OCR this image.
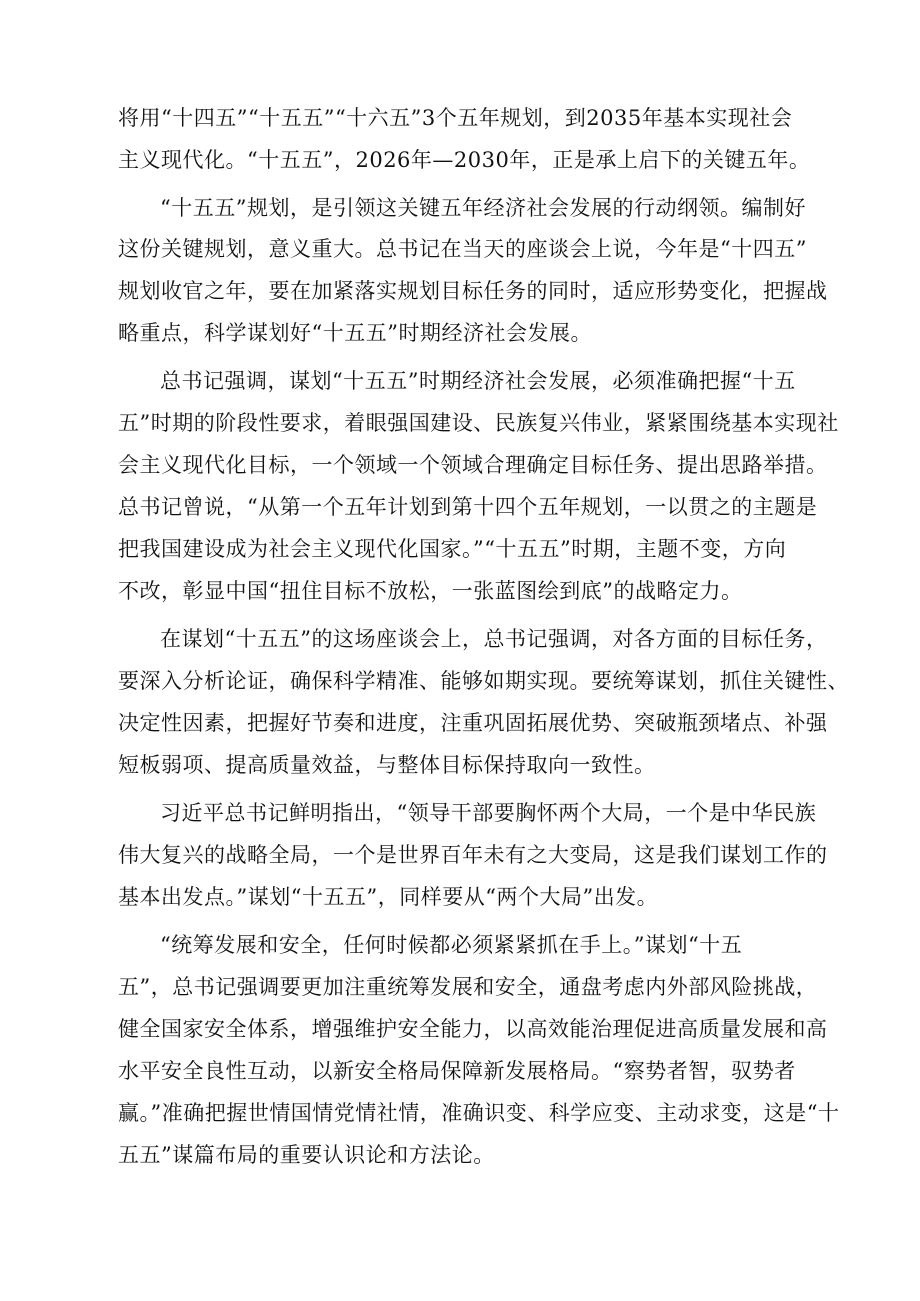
将用“十四五”“十五五”“十六五”3个五年规划，到2035年基本实现社会
主义现代化。“十五五”，2026年—2030年，正是承上启下的关键五年。
“十五五”规划，是引领这关键五年经济社会发展的行动纲领。编制好
这份关键规划，意义重大。总书记在当天的座谈会上说，今年是“十四五”
规划收官之年，要在加紧落实规划目标任务的同时，适应形势变化，把握战
略重点，科学谋划好“十五五”时期经济社会发展。
总书记强调，谋划“十五五”时期经济社会发展，必须准确把握“十五
五”时期的阶段性要求，着眼强国建设、民族复兴伟业，紧紧围绕基本实现社
会主义现代化目标，一个领域一个领域合理确定目标任务、提出思路举措。
总书记曾说，“从第一个五年计划到第十四个五年规划，一以贯之的主题是
把我国建设成为社会主义现代化国家。”“十五五”时期，主题不变，方向
不改，彰显中国“扭住目标不放松，一张蓝图绘到底”的战略定力。
在谋划“十五五”的这场座谈会上，总书记强调，对各方面的目标任务，
要深入分析论证，确保科学精准、能够如期实现。要统筹谋划，抓住关键性、
决定性因素，把握好节奏和进度，注重巩固拓展优势、突破瓶颈堵点、补强
短板弱项、提高质量效益，与整体目标保持取向一致性。
习近平总书记鲜明指出，“领导干部要胸怀两个大局，一个是中华民族
伟大复兴的战略全局，一个是世界百年未有之大变局，这是我们谋划工作的
基本出发点。”谋划“十五五”，同样要从“两个大局”出发。
“统筹发展和安全，任何时候都必须紧紧抓在手上。”谋划“十五
五”，总书记强调要更加注重统筹发展和安全，通盘考虑内外部风险挑战，
健全国家安全体系，增强维护安全能力，以高效能治理促进高质量发展和高
水平安全良性互动，以新安全格局保障新发展格局。“察势者智，驭势者
赢。”准确把握世情国情党情社情，准确识变、科学应变、主动求变，这是“十
五五”谋篇布局的重要认识论和方法论。
